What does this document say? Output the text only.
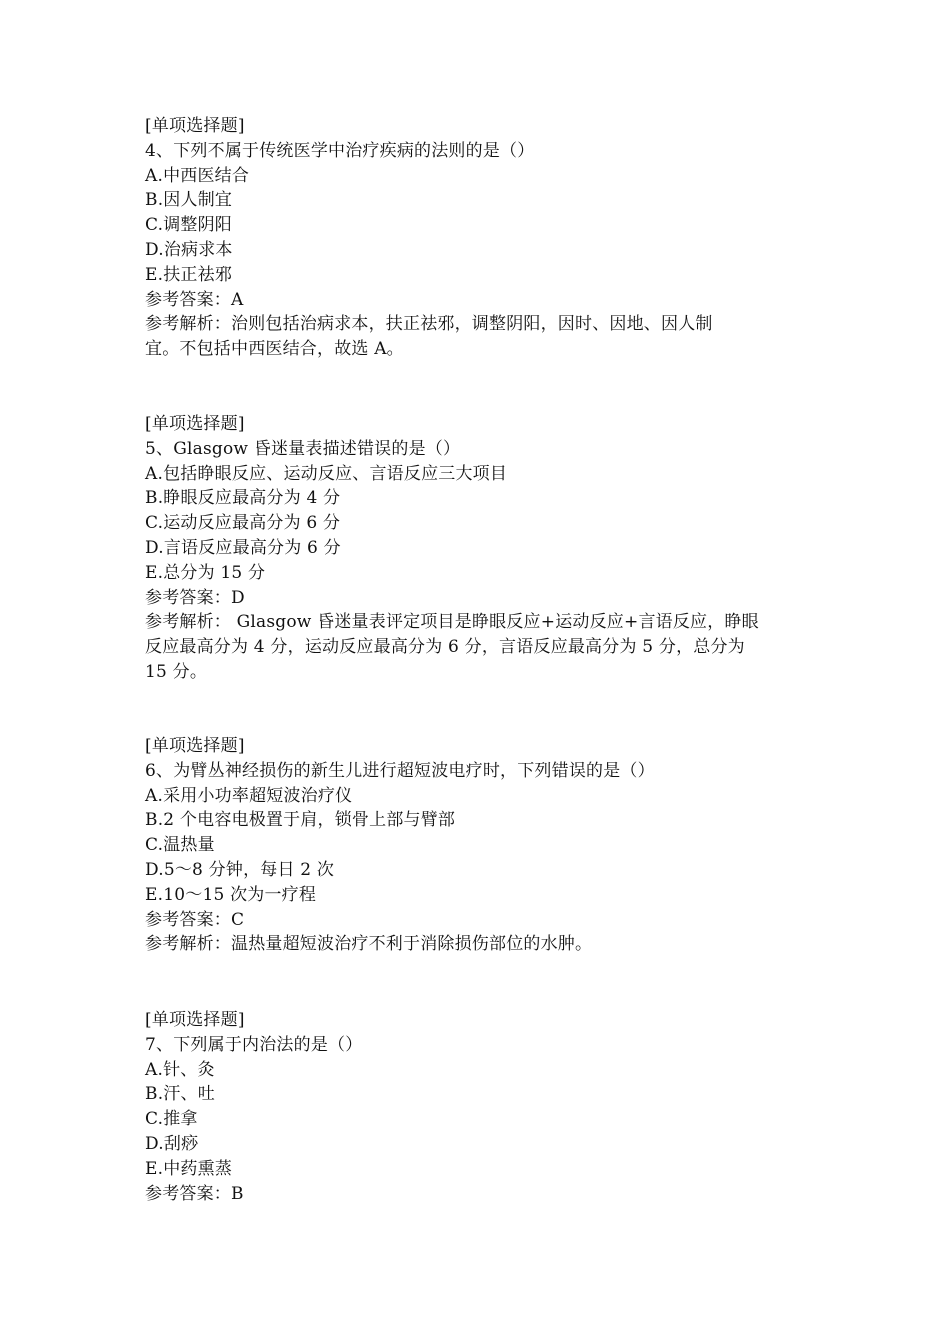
[单项选择题]
4、下列不属于传统医学中治疗疾病的法则的是（）
A.中西医结合
B.因人制宜
C.调整阴阳
D.治病求本
E.扶正祛邪
参考答案：A
参考解析：治则包括治病求本，扶正祛邪，调整阴阳，因时、因地、因人制
宜。不包括中西医结合，故选 A。
[单项选择题]
5、Glasgow 昏迷量表描述错误的是（）
A.包括睁眼反应、运动反应、言语反应三大项目
B.睁眼反应最高分为 4 分
C.运动反应最高分为 6 分
D.言语反应最高分为 6 分
E.总分为 15 分
参考答案：D
参考解析： Glasgow 昏迷量表评定项目是睁眼反应+运动反应+言语反应，睁眼
反应最高分为 4 分，运动反应最高分为 6 分，言语反应最高分为 5 分，总分为
15 分。
[单项选择题]
6、为臂丛神经损伤的新生儿进行超短波电疗时，下列错误的是（）
A.采用小功率超短波治疗仪
B.2 个电容电极置于肩，锁骨上部与臂部
C.温热量
D.5～8 分钟，每日 2 次
E.10～15 次为一疗程
参考答案：C
参考解析：温热量超短波治疗不利于消除损伤部位的水肿。
[单项选择题]
7、下列属于内治法的是（）
A.针、灸
B.汗、吐
C.推拿
D.刮痧
E.中药熏蒸
参考答案：B
